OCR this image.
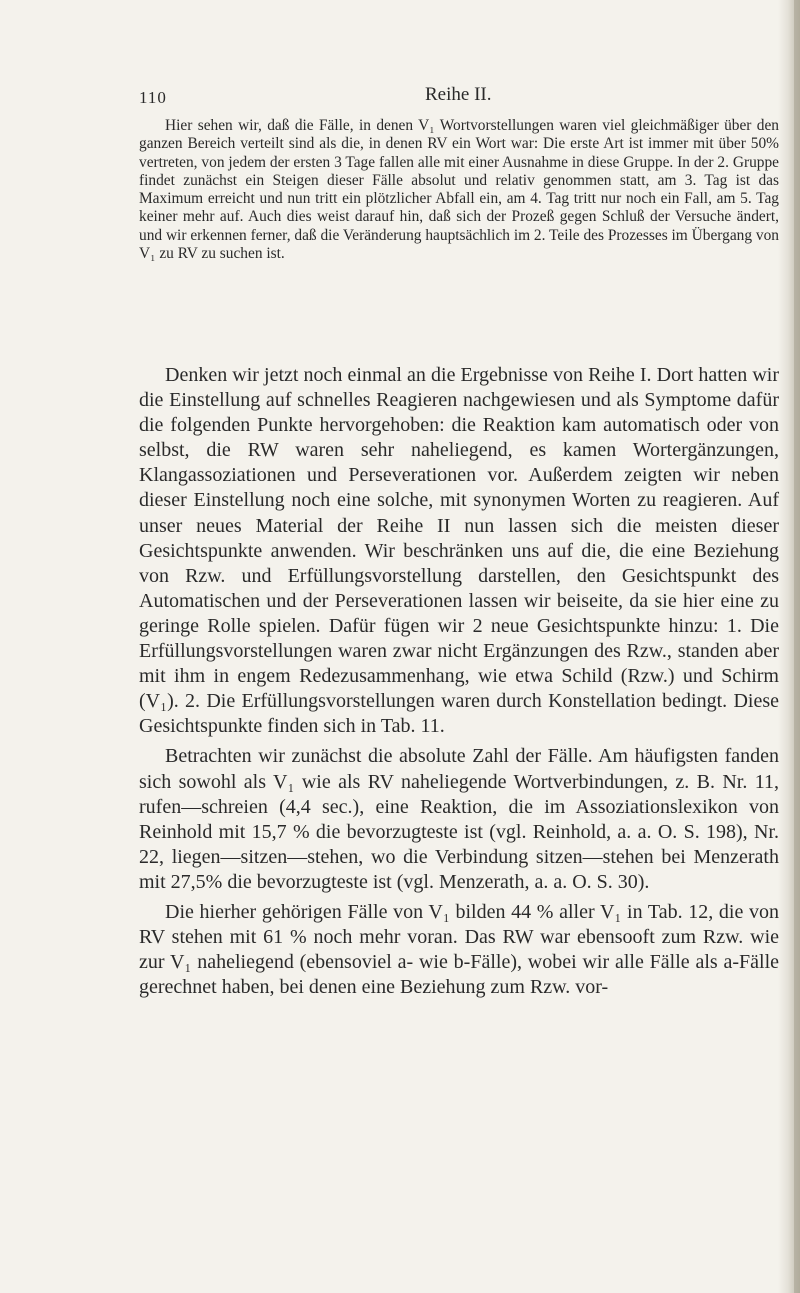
110	Reihe II.

Hier sehen wir, daß die Fälle, in denen V₁ Wortvorstellungen waren viel gleichmäßiger über den ganzen Bereich verteilt sind als die, in denen RV ein Wort war: Die erste Art ist immer mit über 50% vertreten, von jedem der ersten 3 Tage fallen alle mit einer Ausnahme in diese Gruppe. In der 2. Gruppe findet zunächst ein Steigen dieser Fälle absolut und relativ genommen statt, am 3. Tag ist das Maximum erreicht und nun tritt ein plötzlicher Abfall ein, am 4. Tag tritt nur noch ein Fall, am 5. Tag keiner mehr auf. Auch dies weist darauf hin, daß sich der Prozeß gegen Schluß der Versuche ändert, und wir erkennen ferner, daß die Veränderung hauptsächlich im 2. Teile des Prozesses im Übergang von V₁ zu RV zu suchen ist.

Denken wir jetzt noch einmal an die Ergebnisse von Reihe I. Dort hatten wir die Einstellung auf schnelles Reagieren nachgewiesen und als Symptome dafür die folgenden Punkte hervorgehoben: die Reaktion kam automatisch oder von selbst, die RW waren sehr naheliegend, es kamen Wortergänzungen, Klangassoziationen und Perseverationen vor. Außerdem zeigten wir neben dieser Einstellung noch eine solche, mit synonymen Worten zu reagieren. Auf unser neues Material der Reihe II nun lassen sich die meisten dieser Gesichtspunkte anwenden. Wir beschränken uns auf die, die eine Beziehung von Rzw. und Erfüllungsvorstellung darstellen, den Gesichtspunkt des Automatischen und der Perseverationen lassen wir beiseite, da sie hier eine zu geringe Rolle spielen. Dafür fügen wir 2 neue Gesichtspunkte hinzu: 1. Die Erfüllungsvorstellungen waren zwar nicht Ergänzungen des Rzw., standen aber mit ihm in engem Redezusammenhang, wie etwa Schild (Rzw.) und Schirm (V₁). 2. Die Erfüllungsvorstellungen waren durch Konstellation bedingt. Diese Gesichtspunkte finden sich in Tab. 11.

Betrachten wir zunächst die absolute Zahl der Fälle. Am häufigsten fanden sich sowohl als V₁ wie als RV naheliegende Wortverbindungen, z. B. Nr. 11, rufen—schreien (4,4 sec.), eine Reaktion, die im Assoziationslexikon von Reinhold mit 15,7 % die bevorzugteste ist (vgl. Reinhold, a. a. O. S. 198), Nr. 22, liegen—sitzen—stehen, wo die Verbindung sitzen—stehen bei Menzerath mit 27,5% die bevorzugteste ist (vgl. Menzerath, a. a. O. S. 30).

Die hierher gehörigen Fälle von V₁ bilden 44 % aller V₁ in Tab. 12, die von RV stehen mit 61 % noch mehr voran. Das RW war ebensooft zum Rzw. wie zur V₁ naheliegend (ebensoviel a- wie b-Fälle), wobei wir alle Fälle als a-Fälle gerechnet haben, bei denen eine Beziehung zum Rzw. vor-
